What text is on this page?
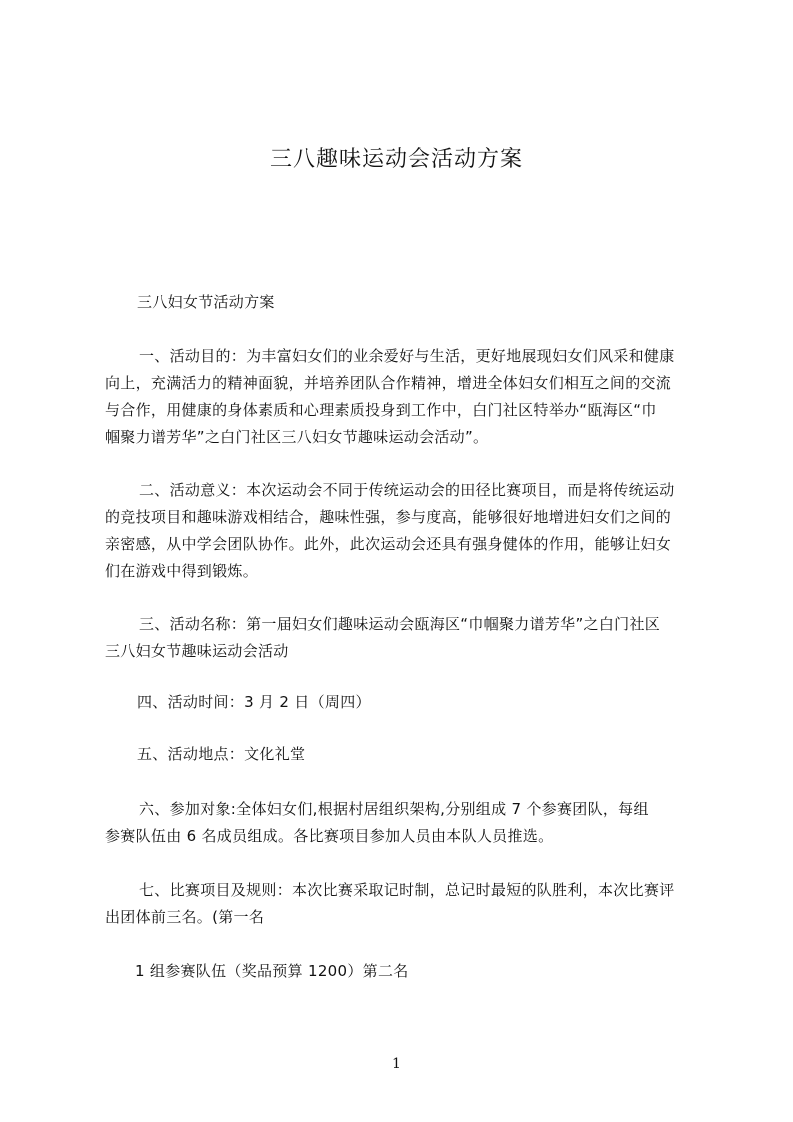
三八趣味运动会活动方案
三八妇女节活动方案
一、活动目的：为丰富妇女们的业余爱好与生活，更好地展现妇女们风采和健康
向上，充满活力的精神面貌，并培养团队合作精神，增进全体妇女们相互之间的交流
与合作，用健康的身体素质和心理素质投身到工作中，白门社区特举办“瓯海区“巾
帼聚力谱芳华”之白门社区三八妇女节趣味运动会活动”。
二、活动意义：本次运动会不同于传统运动会的田径比赛项目，而是将传统运动
的竞技项目和趣味游戏相结合，趣味性强，参与度高，能够很好地增进妇女们之间的
亲密感，从中学会团队协作。此外，此次运动会还具有强身健体的作用，能够让妇女
们在游戏中得到锻炼。
三、活动名称：第一届妇女们趣味运动会瓯海区“巾帼聚力谱芳华”之白门社区
三八妇女节趣味运动会活动
四、活动时间：3 月 2 日（周四）
五、活动地点：文化礼堂
六、参加对象:全体妇女们,根据村居组织架构,分别组成 7 个参赛团队，每组
参赛队伍由 6 名成员组成。各比赛项目参加人员由本队人员推选。
七、比赛项目及规则：本次比赛采取记时制，总记时最短的队胜利，本次比赛评
出团体前三名。(第一名
1 组参赛队伍（奖品预算 1200）第二名
1
